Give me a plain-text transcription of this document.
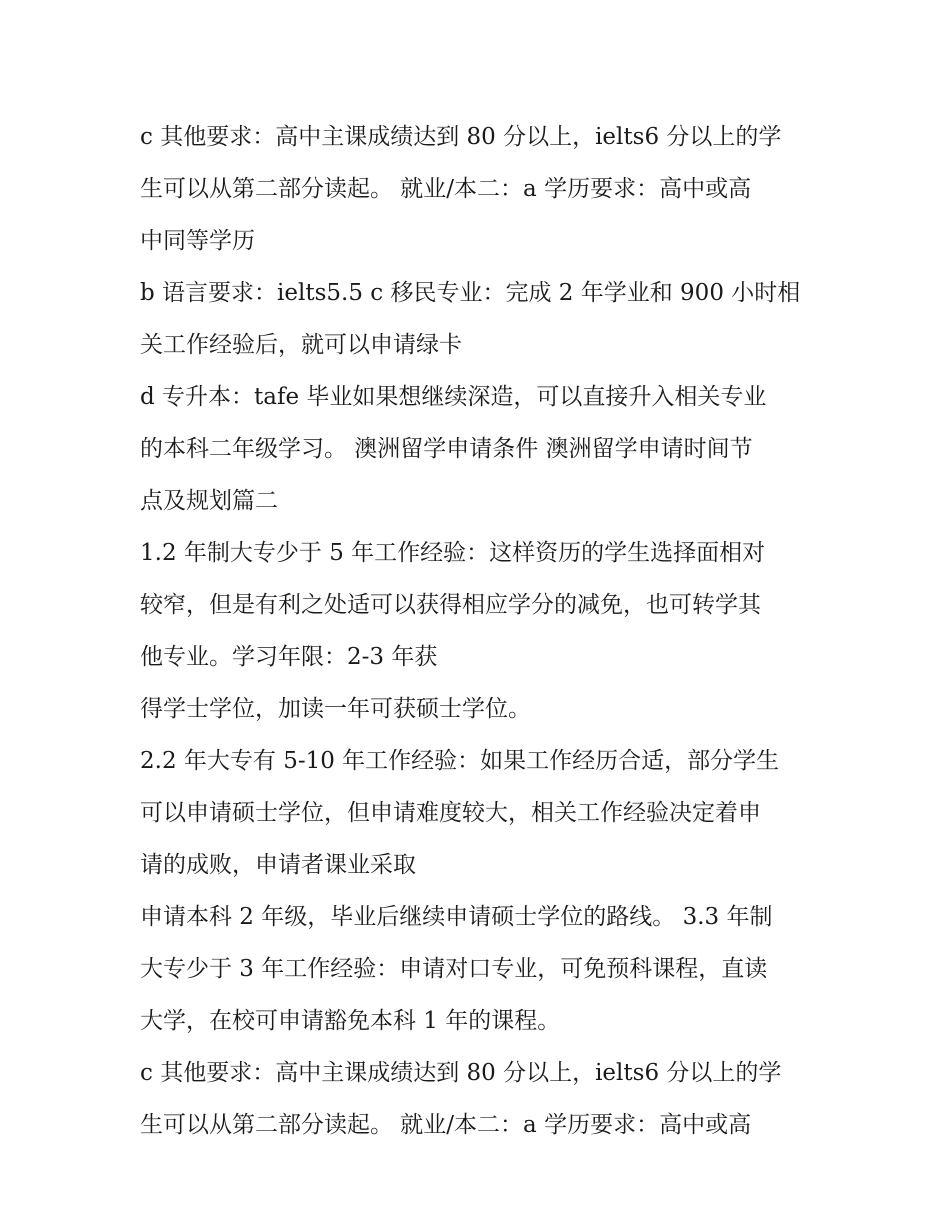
c 其他要求：高中主课成绩达到 80 分以上，ielts6 分以上的学
生可以从第二部分读起。 就业/本二：a 学历要求：高中或高
中同等学历

b 语言要求：ielts5.5 c 移民专业：完成 2 年学业和 900 小时相
关工作经验后，就可以申请绿卡

d 专升本：tafe 毕业如果想继续深造，可以直接升入相关专业
的本科二年级学习。 澳洲留学申请条件 澳洲留学申请时间节
点及规划篇二

1.2 年制大专少于 5 年工作经验：这样资历的学生选择面相对
较窄，但是有利之处适可以获得相应学分的减免，也可转学其
他专业。学习年限：2-3 年获

得学士学位，加读一年可获硕士学位。

2.2 年大专有 5-10 年工作经验：如果工作经历合适，部分学生
可以申请硕士学位，但申请难度较大，相关工作经验决定着申
请的成败，申请者课业采取

申请本科 2 年级，毕业后继续申请硕士学位的路线。 3.3 年制
大专少于 3 年工作经验：申请对口专业，可免预科课程，直读
大学，在校可申请豁免本科 1 年的课程。

c 其他要求：高中主课成绩达到 80 分以上，ielts6 分以上的学
生可以从第二部分读起。 就业/本二：a 学历要求：高中或高
